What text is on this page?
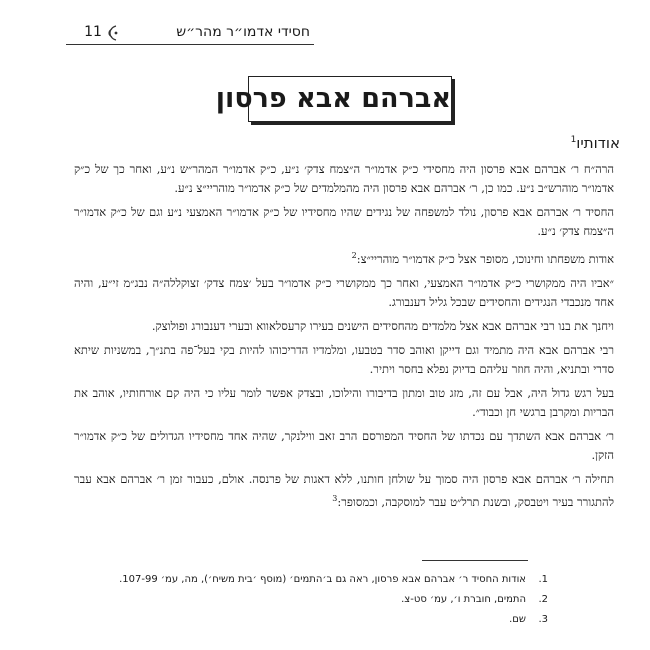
חסידי אדמו״ר מהר״ש
11
אברהם אבא פרסון
אודותיו$^1$

הרה״ח ר׳ אברהם אבא פרסון היה מחסידי כ״ק אדמו״ר ה״צמח צדק׳ נ״ע, כ״ק אדמו״ר המהר״ש נ״ע, ואחר כך של כ״ק אדמו״ר מוהרש״ב נ״ע. כמו כן, ר׳ אברהם אבא פרסון היה מהמלמדים של כ״ק אדמו״ר מוהריי״צ נ״ע.

החסיד ר׳ אברהם אבא פרסון, נולד למשפחה של נגידים שהיו מחסידיו של כ״ק אדמו״ר האמצעי נ״ע וגם של כ״ק אדמו״ר ה״צמח צדק׳ נ״ע.

אודות משפחתו וחינוכו, מסופר אצל כ״ק אדמו״ר מוהריי״צ:$^2$

״אביו היה ממקושרי כ״ק אדמו״ר האמצעי, ואחר כך ממקושרי כ״ק אדמו״ר בעל ׳צמח צדק׳ זצוקללה״ה נבג״מ זי״ע, והיה אחד מנכבדי הנגידים והחסידים שבכל גליל דענבורג.

ויחנך את בנו רבי אברהם אבא אצל מלמדים מהחסידים הישנים בעירו קרעסלאווא ובערי דענבורג ופולוצק.

רבי אברהם אבא היה מתמיד וגם דייקן ואוהב סדר בטבעו, ומלמדיו הדריכוהו להיות בקי בעל־פה בתנ״ך, במשניות שיתא סדרי ובתניא, והיה חוזר עליהם בדיוק נפלא בחסר ויתיר.

בעל רגש גדול היה, אבל עם זה, מזג טוב ומתון בדיבורו והילוכו, ובצדק אפשר לומר עליו כי היה קם אורחותיו, אוהב את הבריות ומקרבן ברגשי חן וכבוד״.

ר׳ אברהם אבא השתדך עם נכדתו של החסיד המפורסם הרב זאב ווילנקר, שהיה אחד מחסידיו הגדולים של כ״ק אדמו״ר הזקן.

תחילה ר׳ אברהם אבא פרסון היה סמוך על שולחן חותנו, ללא דאגות של פרנסה. אולם, כעבור זמן ר׳ אברהם אבא עבר להתגורר בעיר ויטבסק, ובשנת תרל״ט עבר למוסקבה, וכמסופר:$^3$

1.
אודות החסיד ר׳ אברהם אבא פרסון, ראה גם ב׳התמים׳ (מוסף ׳בית משיח׳), מה, עמ׳ 107-99.
2.
התמים, חוברת ו׳, עמ׳ סט-צ.
3.
שם.
